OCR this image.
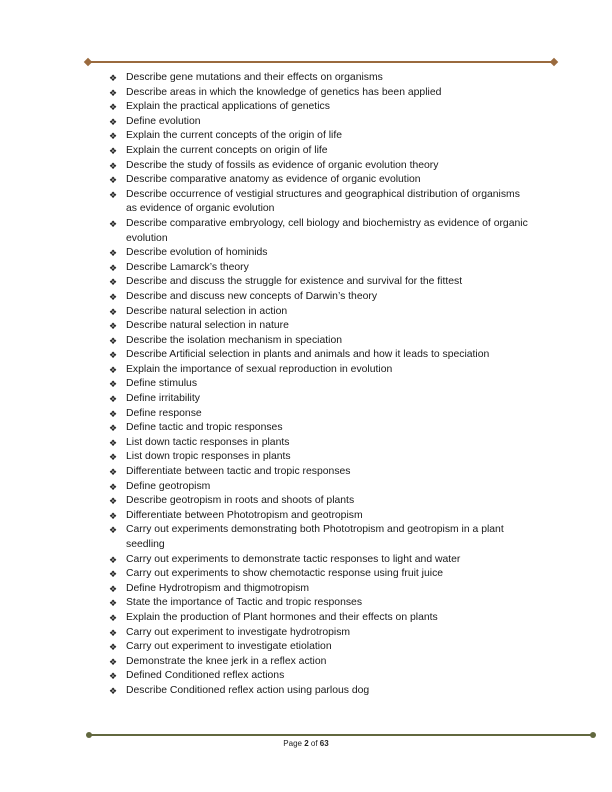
❖ Describe gene mutations and their effects on organisms
❖ Describe areas in which the knowledge of genetics has been applied
❖ Explain the practical applications of genetics
❖ Define evolution
❖ Explain the current concepts of the origin of life
❖ Explain the current concepts on origin of life
❖ Describe the study of fossils as evidence of organic evolution theory
❖ Describe comparative anatomy as evidence of organic evolution
❖ Describe occurrence of vestigial structures and geographical distribution of organisms as evidence of organic evolution
❖ Describe comparative embryology, cell biology and biochemistry as evidence of organic evolution
❖ Describe evolution of hominids
❖ Describe Lamarck’s theory
❖ Describe and discuss the struggle for existence and survival for the fittest
❖ Describe and discuss new concepts of Darwin’s theory
❖ Describe natural selection in action
❖ Describe natural selection in nature
❖ Describe the isolation mechanism in speciation
❖ Describe Artificial selection in plants and animals and how it leads to speciation
❖ Explain the importance of sexual reproduction in evolution
❖ Define stimulus
❖ Define irritability
❖ Define response
❖ Define tactic and tropic responses
❖ List down tactic responses in plants
❖ List down tropic responses in plants
❖ Differentiate between tactic and tropic responses
❖ Define geotropism
❖ Describe geotropism in roots and shoots of plants
❖ Differentiate between Phototropism and geotropism
❖ Carry out experiments demonstrating both Phototropism and geotropism in a plant seedling
❖ Carry out experiments to demonstrate tactic responses to light and water
❖ Carry out experiments to show chemotactic response using fruit juice
❖ Define Hydrotropism and thigmotropism
❖ State the importance of Tactic and tropic responses
❖ Explain the production of Plant hormones and their effects on plants
❖ Carry out experiment to investigate hydrotropism
❖ Carry out experiment to investigate etiolation
❖ Demonstrate the knee jerk in a reflex action
❖ Defined Conditioned reflex actions
❖ Describe Conditioned reflex action using parlous dog
Page 2 of 63
